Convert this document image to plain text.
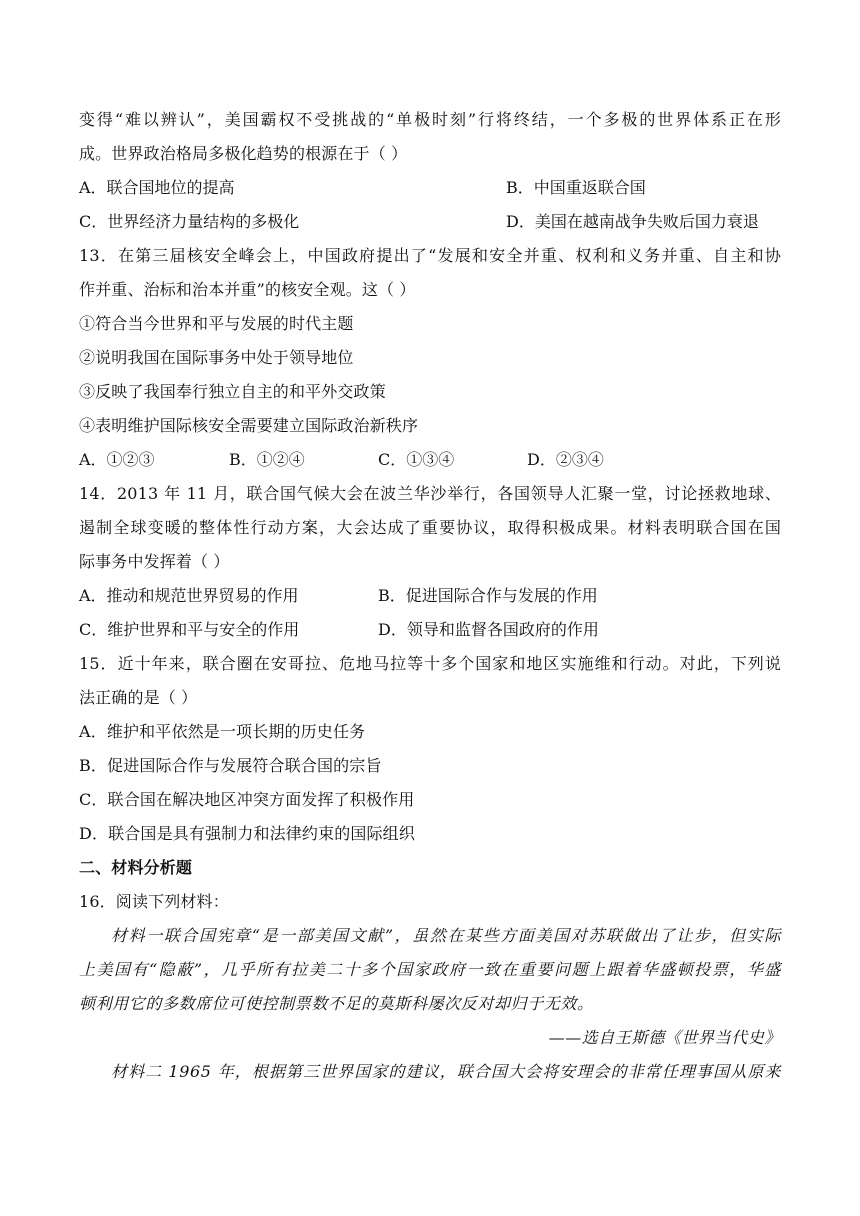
变得“难以辨认”，美国霸权不受挑战的“单极时刻”行将终结，一个多极的世界体系正在形
成。世界政治格局多极化趋势的根源在于（ ）
A．联合国地位的提高	B．中国重返联合国
C．世界经济力量结构的多极化	D．美国在越南战争失败后国力衰退
13．在第三届核安全峰会上，中国政府提出了“发展和安全并重、权利和义务并重、自主和协
作并重、治标和治本并重”的核安全观。这（ ）
①符合当今世界和平与发展的时代主题
②说明我国在国际事务中处于领导地位
③反映了我国奉行独立自主的和平外交政策
④表明维护国际核安全需要建立国际政治新秩序
A．①②③	B．①②④	C．①③④	D．②③④
14．2013 年 11 月，联合国气候大会在波兰华沙举行，各国领导人汇聚一堂，讨论拯救地球、
遏制全球变暖的整体性行动方案，大会达成了重要协议，取得积极成果。材料表明联合国在国
际事务中发挥着（ ）
A．推动和规范世界贸易的作用	B．促进国际合作与发展的作用
C．维护世界和平与安全的作用	D．领导和监督各国政府的作用
15．近十年来，联合圈在安哥拉、危地马拉等十多个国家和地区实施维和行动。对此，下列说
法正确的是（ ）
A．维护和平依然是一项长期的历史任务
B．促进国际合作与发展符合联合国的宗旨
C．联合国在解决地区冲突方面发挥了积极作用
D．联合国是具有强制力和法律约束的国际组织
二、材料分析题
16．阅读下列材料：
材料一联合国宪章“是一部美国文献”，虽然在某些方面美国对苏联做出了让步，但实际
上美国有“隐蔽”，几乎所有拉美二十多个国家政府一致在重要问题上跟着华盛顿投票，华盛
顿利用它的多数席位可使控制票数不足的莫斯科屡次反对却归于无效。
——选自王斯德《世界当代史》
材料二 1965 年，根据第三世界国家的建议，联合国大会将安理会的非常任理事国从原来
